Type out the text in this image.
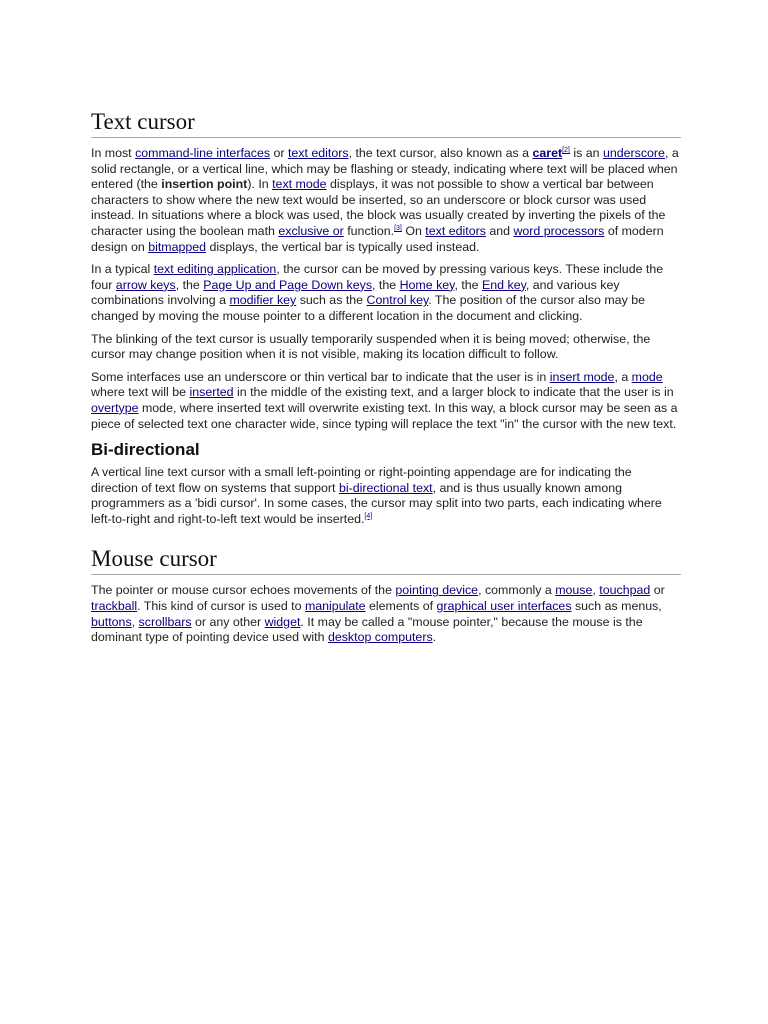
Text cursor

In most command-line interfaces or text editors, the text cursor, also known as a caret[2] is an underscore, a solid rectangle, or a vertical line, which may be flashing or steady, indicating where text will be placed when entered (the insertion point). In text mode displays, it was not possible to show a vertical bar between characters to show where the new text would be inserted, so an underscore or block cursor was used instead. In situations where a block was used, the block was usually created by inverting the pixels of the character using the boolean math exclusive or function.[3] On text editors and word processors of modern design on bitmapped displays, the vertical bar is typically used instead.

In a typical text editing application, the cursor can be moved by pressing various keys. These include the four arrow keys, the Page Up and Page Down keys, the Home key, the End key, and various key combinations involving a modifier key such as the Control key. The position of the cursor also may be changed by moving the mouse pointer to a different location in the document and clicking.

The blinking of the text cursor is usually temporarily suspended when it is being moved; otherwise, the cursor may change position when it is not visible, making its location difficult to follow.

Some interfaces use an underscore or thin vertical bar to indicate that the user is in insert mode, a mode where text will be inserted in the middle of the existing text, and a larger block to indicate that the user is in overtype mode, where inserted text will overwrite existing text. In this way, a block cursor may be seen as a piece of selected text one character wide, since typing will replace the text "in" the cursor with the new text.

Bi-directional

A vertical line text cursor with a small left-pointing or right-pointing appendage are for indicating the direction of text flow on systems that support bi-directional text, and is thus usually known among programmers as a 'bidi cursor'. In some cases, the cursor may split into two parts, each indicating where left-to-right and right-to-left text would be inserted.[4]

Mouse cursor

The pointer or mouse cursor echoes movements of the pointing device, commonly a mouse, touchpad or trackball. This kind of cursor is used to manipulate elements of graphical user interfaces such as menus, buttons, scrollbars or any other widget. It may be called a "mouse pointer," because the mouse is the dominant type of pointing device used with desktop computers.
